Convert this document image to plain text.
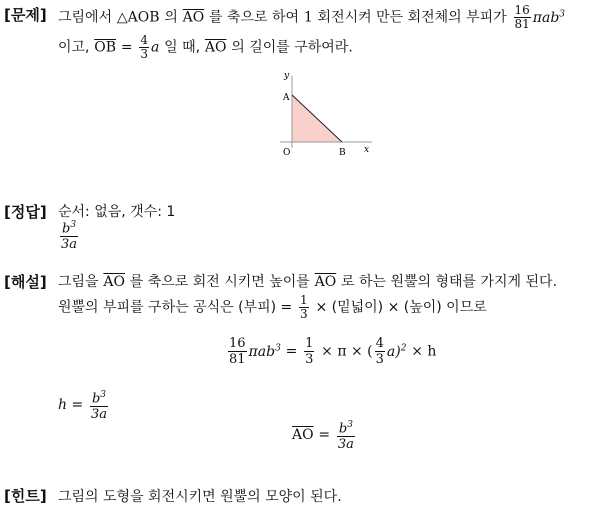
[문제] 그림에서 △AOB 의 $\overline{AO}$ 를 축으로 하여 1 회전시켜 만든 회전체의 부피가 $\frac{16}{81} \pi ab^3$
이고, $\overline{OB} = \frac{4}{3}$ a 일 때, $\overline{AO}$ 의 길이를 구하여라.
y
x
A
O	B
[정답] 순서: 없음, 갯수: 1
$\frac{b^3}{3a}$
[해설] 그림을 $\overline{AO}$ 를 축으로 회전 시키면 높이를 $\overline{AO}$ 로 하는 원뿔의 형태를 가지게 된다.
원뿔의 부피를 구하는 공식은 (부피) = $\frac{1}{3}$ × (밑넓이) × (높이) 이므로
$\frac{16}{81} \pi ab^3 = \frac{1}{3} \times \pi$ × ( $\frac{4}{3} a)^2 \times h$
$h = \frac{b^3}{3a}$
$\overline{AO} = \frac{b^3}{3a}$
[힌트] 그림의 도형을 회전시키면 원뿔의 모양이 된다.
